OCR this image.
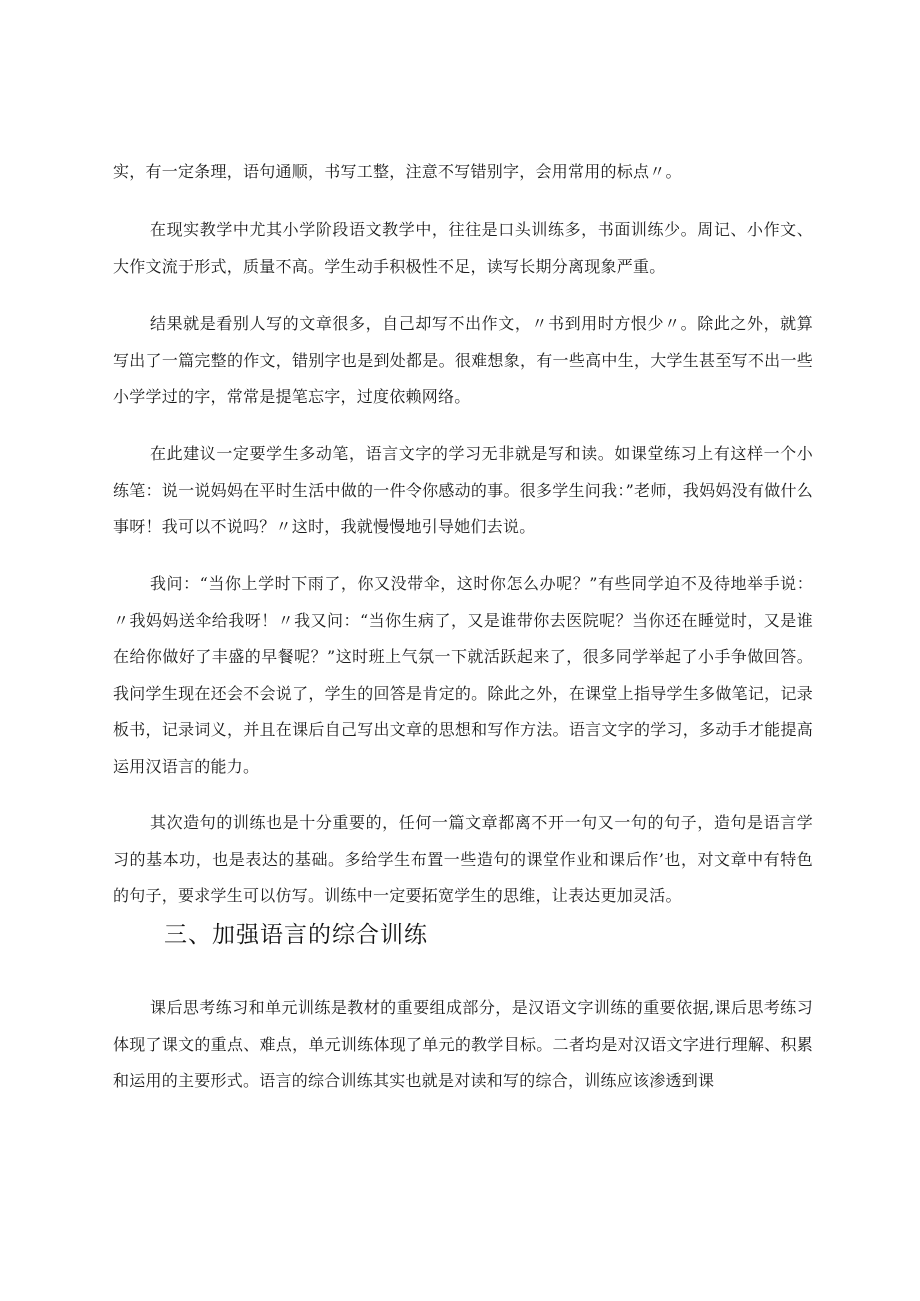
实，有一定条理，语句通顺，书写工整，注意不写错别字，会用常用的标点〃。

在现实教学中尤其小学阶段语文教学中，往往是口头训练多，书面训练少。周记、小作文、大作文流于形式，质量不高。学生动手积极性不足，读写长期分离现象严重。

结果就是看别人写的文章很多，自己却写不出作文，〃书到用时方恨少〃。除此之外，就算写出了一篇完整的作文，错别字也是到处都是。很难想象，有一些高中生，大学生甚至写不出一些小学学过的字，常常是提笔忘字，过度依赖网络。

在此建议一定要学生多动笔，语言文字的学习无非就是写和读。如课堂练习上有这样一个小练笔：说一说妈妈在平时生活中做的一件令你感动的事。很多学生问我：”老师，我妈妈没有做什么事呀！我可以不说吗？〃这时，我就慢慢地引导她们去说。

我问：“当你上学时下雨了，你又没带伞，这时你怎么办呢？”有些同学迫不及待地举手说：〃我妈妈送伞给我呀！〃我又问：“当你生病了，又是谁带你去医院呢？当你还在睡觉时，又是谁在给你做好了丰盛的早餐呢？”这时班上气氛一下就活跃起来了，很多同学举起了小手争做回答。我问学生现在还会不会说了，学生的回答是肯定的。除此之外，在课堂上指导学生多做笔记，记录板书，记录词义，并且在课后自己写出文章的思想和写作方法。语言文字的学习，多动手才能提高运用汉语言的能力。

其次造句的训练也是十分重要的，任何一篇文章都离不开一句又一句的句子，造句是语言学习的基本功，也是表达的基础。多给学生布置一些造句的课堂作业和课后作’也，对文章中有特色的句子，要求学生可以仿写。训练中一定要拓宽学生的思维，让表达更加灵活。

三、加强语言的综合训练

课后思考练习和单元训练是教材的重要组成部分，是汉语文字训练的重要依据,课后思考练习体现了课文的重点、难点，单元训练体现了单元的教学目标。二者均是对汉语文字进行理解、积累和运用的主要形式。语言的综合训练其实也就是对读和写的综合，训练应该渗透到课
